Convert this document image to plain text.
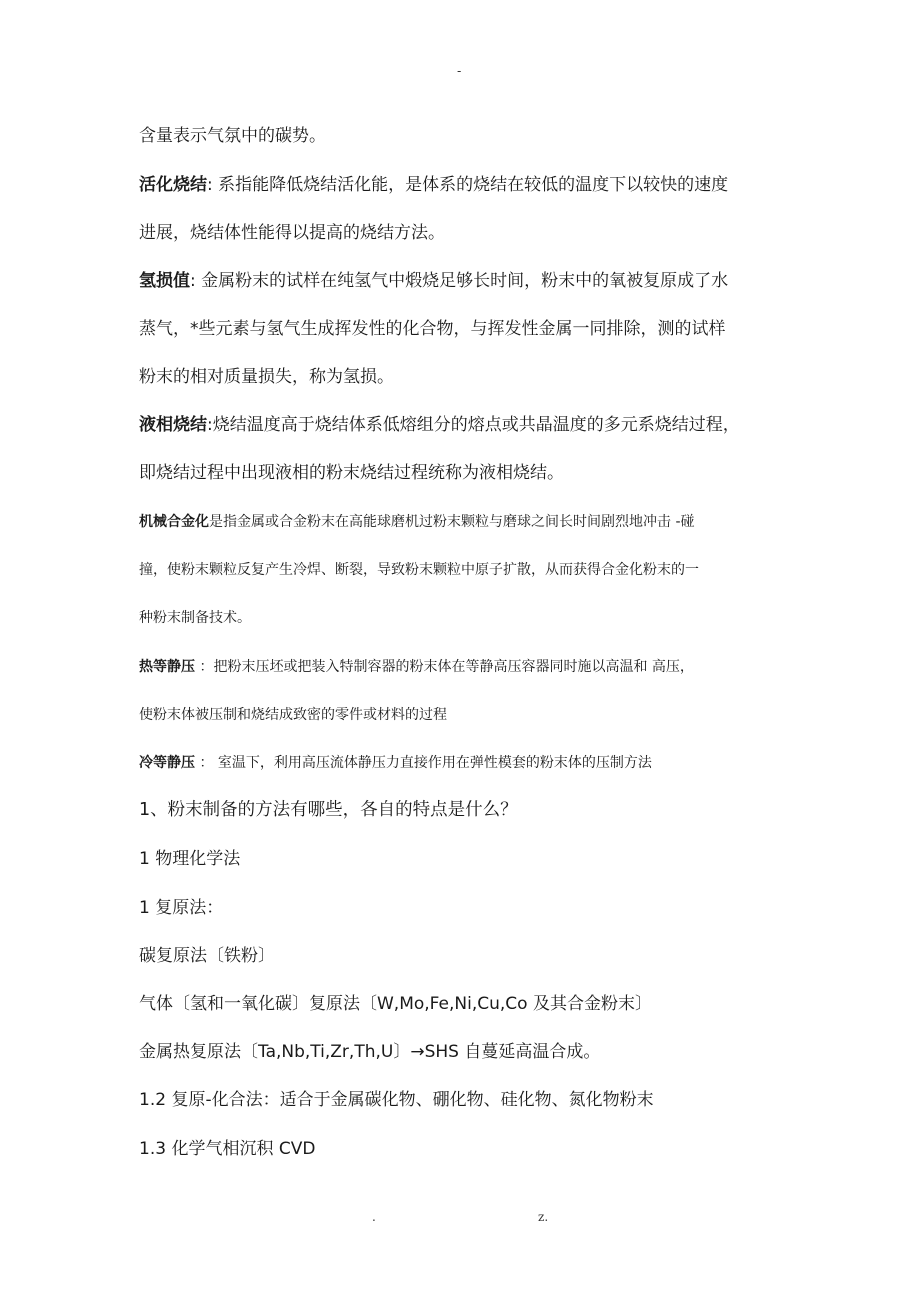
-

含量表示气氛中的碳势。

活化烧结: 系指能降低烧结活化能，是体系的烧结在较低的温度下以较快的速度

进展，烧结体性能得以提高的烧结方法。

氢损值: 金属粉末的试样在纯氢气中煅烧足够长时间，粉末中的氧被复原成了水

蒸气，*些元素与氢气生成挥发性的化合物，与挥发性金属一同排除，测的试样

粉末的相对质量损失，称为氢损。

液相烧结:烧结温度高于烧结体系低熔组分的熔点或共晶温度的多元系烧结过程，

即烧结过程中出现液相的粉末烧结过程统称为液相烧结。

机械合金化是指金属或合金粉末在高能球磨机过粉末颗粒与磨球之间长时间剧烈地冲击 -碰

撞，使粉末颗粒反复产生冷焊、断裂，导致粉末颗粒中原子扩散，从而获得合金化粉末的一

种粉末制备技术。

热等静压 ：把粉末压坯或把装入特制容器的粉末体在等静高压容器同时施以高温和 高压，

使粉末体被压制和烧结成致密的零件或材料的过程

冷等静压 ： 室温下，利用高压流体静压力直接作用在弹性模套的粉末体的压制方法

1、粉末制备的方法有哪些，各自的特点是什么？

1 物理化学法

1 复原法：

碳复原法〔铁粉〕

气体〔氢和一氧化碳〕复原法〔W,Mo,Fe,Ni,Cu,Co 及其合金粉末〕

金属热复原法〔Ta,Nb,Ti,Zr,Th,U〕→SHS 自蔓延高温合成。

1.2 复原-化合法：适合于金属碳化物、硼化物、硅化物、氮化物粉末

1.3 化学气相沉积 CVD

.	z.
